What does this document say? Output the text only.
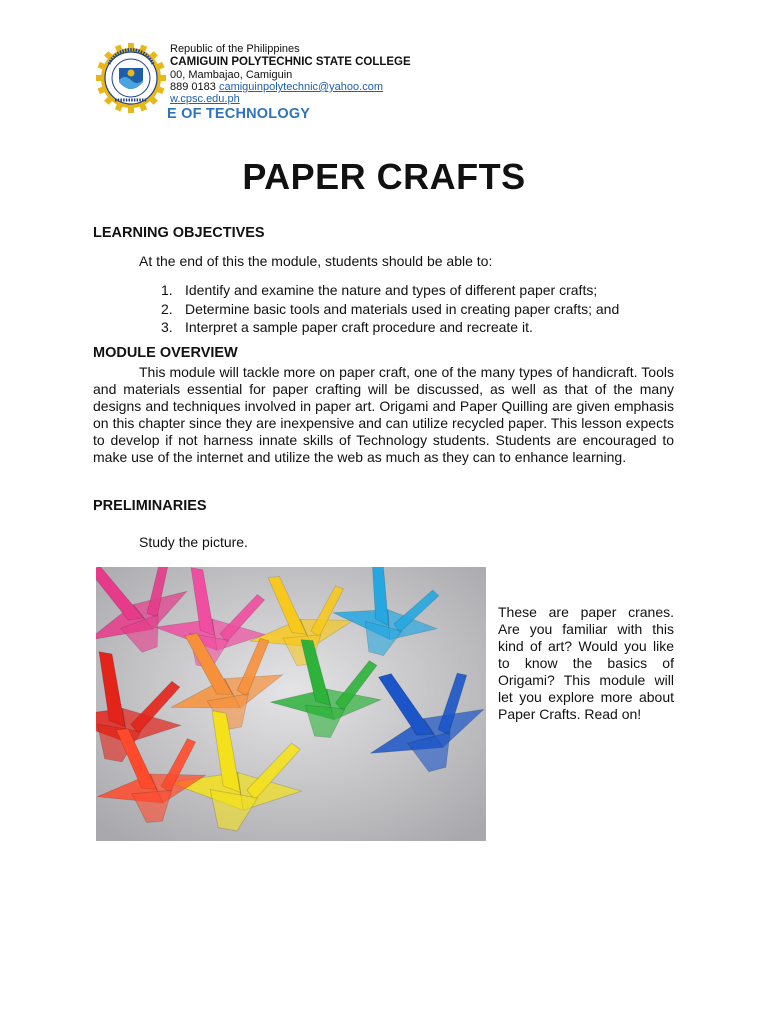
Republic of the Philippines
CAMIGUIN POLYTECHNIC STATE COLLEGE
00, Mambajao, Camiguin
889 0183 camiguinpolytechnic@yahoo.com
w.cpsc.edu.ph
E OF TECHNOLOGY
PAPER CRAFTS
LEARNING OBJECTIVES
At the end of this the module, students should be able to:
1. Identify and examine the nature and types of different paper crafts;
2. Determine basic tools and materials used in creating paper crafts; and
3. Interpret a sample paper craft procedure and recreate it.
MODULE OVERVIEW
This module will tackle more on paper craft, one of the many types of handicraft. Tools and materials essential for paper crafting will be discussed, as well as that of the many designs and techniques involved in paper art. Origami and Paper Quilling are given emphasis on this chapter since they are inexpensive and can utilize recycled paper. This lesson expects to develop if not harness innate skills of Technology students. Students are encouraged to make use of the internet and utilize the web as much as they can to enhance learning.
PRELIMINARIES
Study the picture.
These are paper cranes. Are you familiar with this kind of art? Would you like to know the basics of Origami? This module will let you explore more about Paper Crafts. Read on!
